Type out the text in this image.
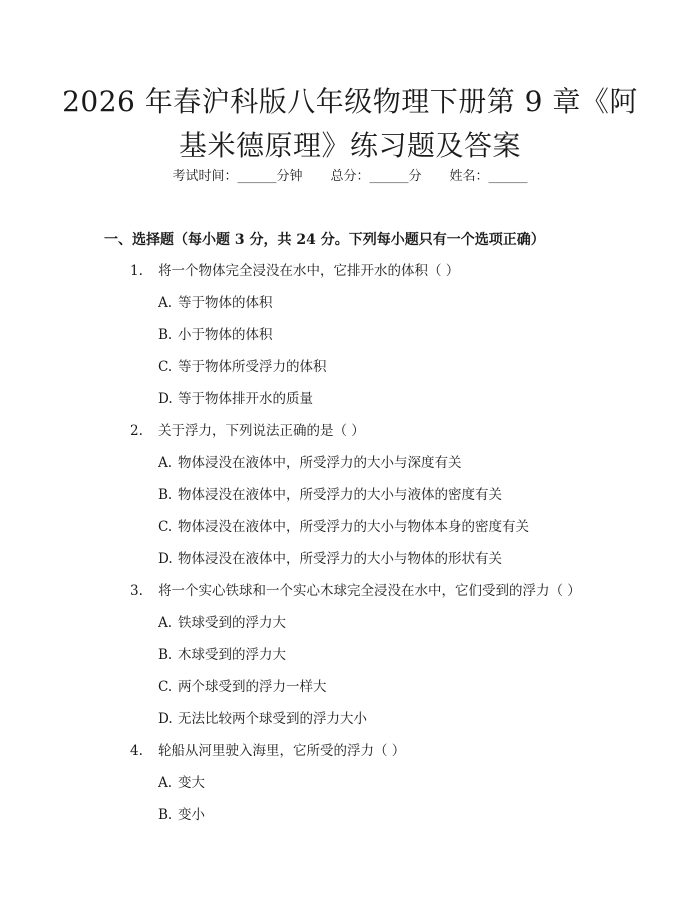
2026 年春沪科版八年级物理下册第 9 章《阿
基米德原理》练习题及答案
考试时间：______分钟 总分：______分 姓名：______
一、选择题（每小题 3 分，共 24 分。下列每小题只有一个选项正确）
1. 将一个物体完全浸没在水中，它排开水的体积（ ）
A. 等于物体的体积
B. 小于物体的体积
C. 等于物体所受浮力的体积
D. 等于物体排开水的质量
2. 关于浮力，下列说法正确的是（ ）
A. 物体浸没在液体中，所受浮力的大小与深度有关
B. 物体浸没在液体中，所受浮力的大小与液体的密度有关
C. 物体浸没在液体中，所受浮力的大小与物体本身的密度有关
D. 物体浸没在液体中，所受浮力的大小与物体的形状有关
3. 将一个实心铁球和一个实心木球完全浸没在水中，它们受到的浮力（ ）
A. 铁球受到的浮力大
B. 木球受到的浮力大
C. 两个球受到的浮力一样大
D. 无法比较两个球受到的浮力大小
4. 轮船从河里驶入海里，它所受的浮力（ ）
A. 变大
B. 变小
